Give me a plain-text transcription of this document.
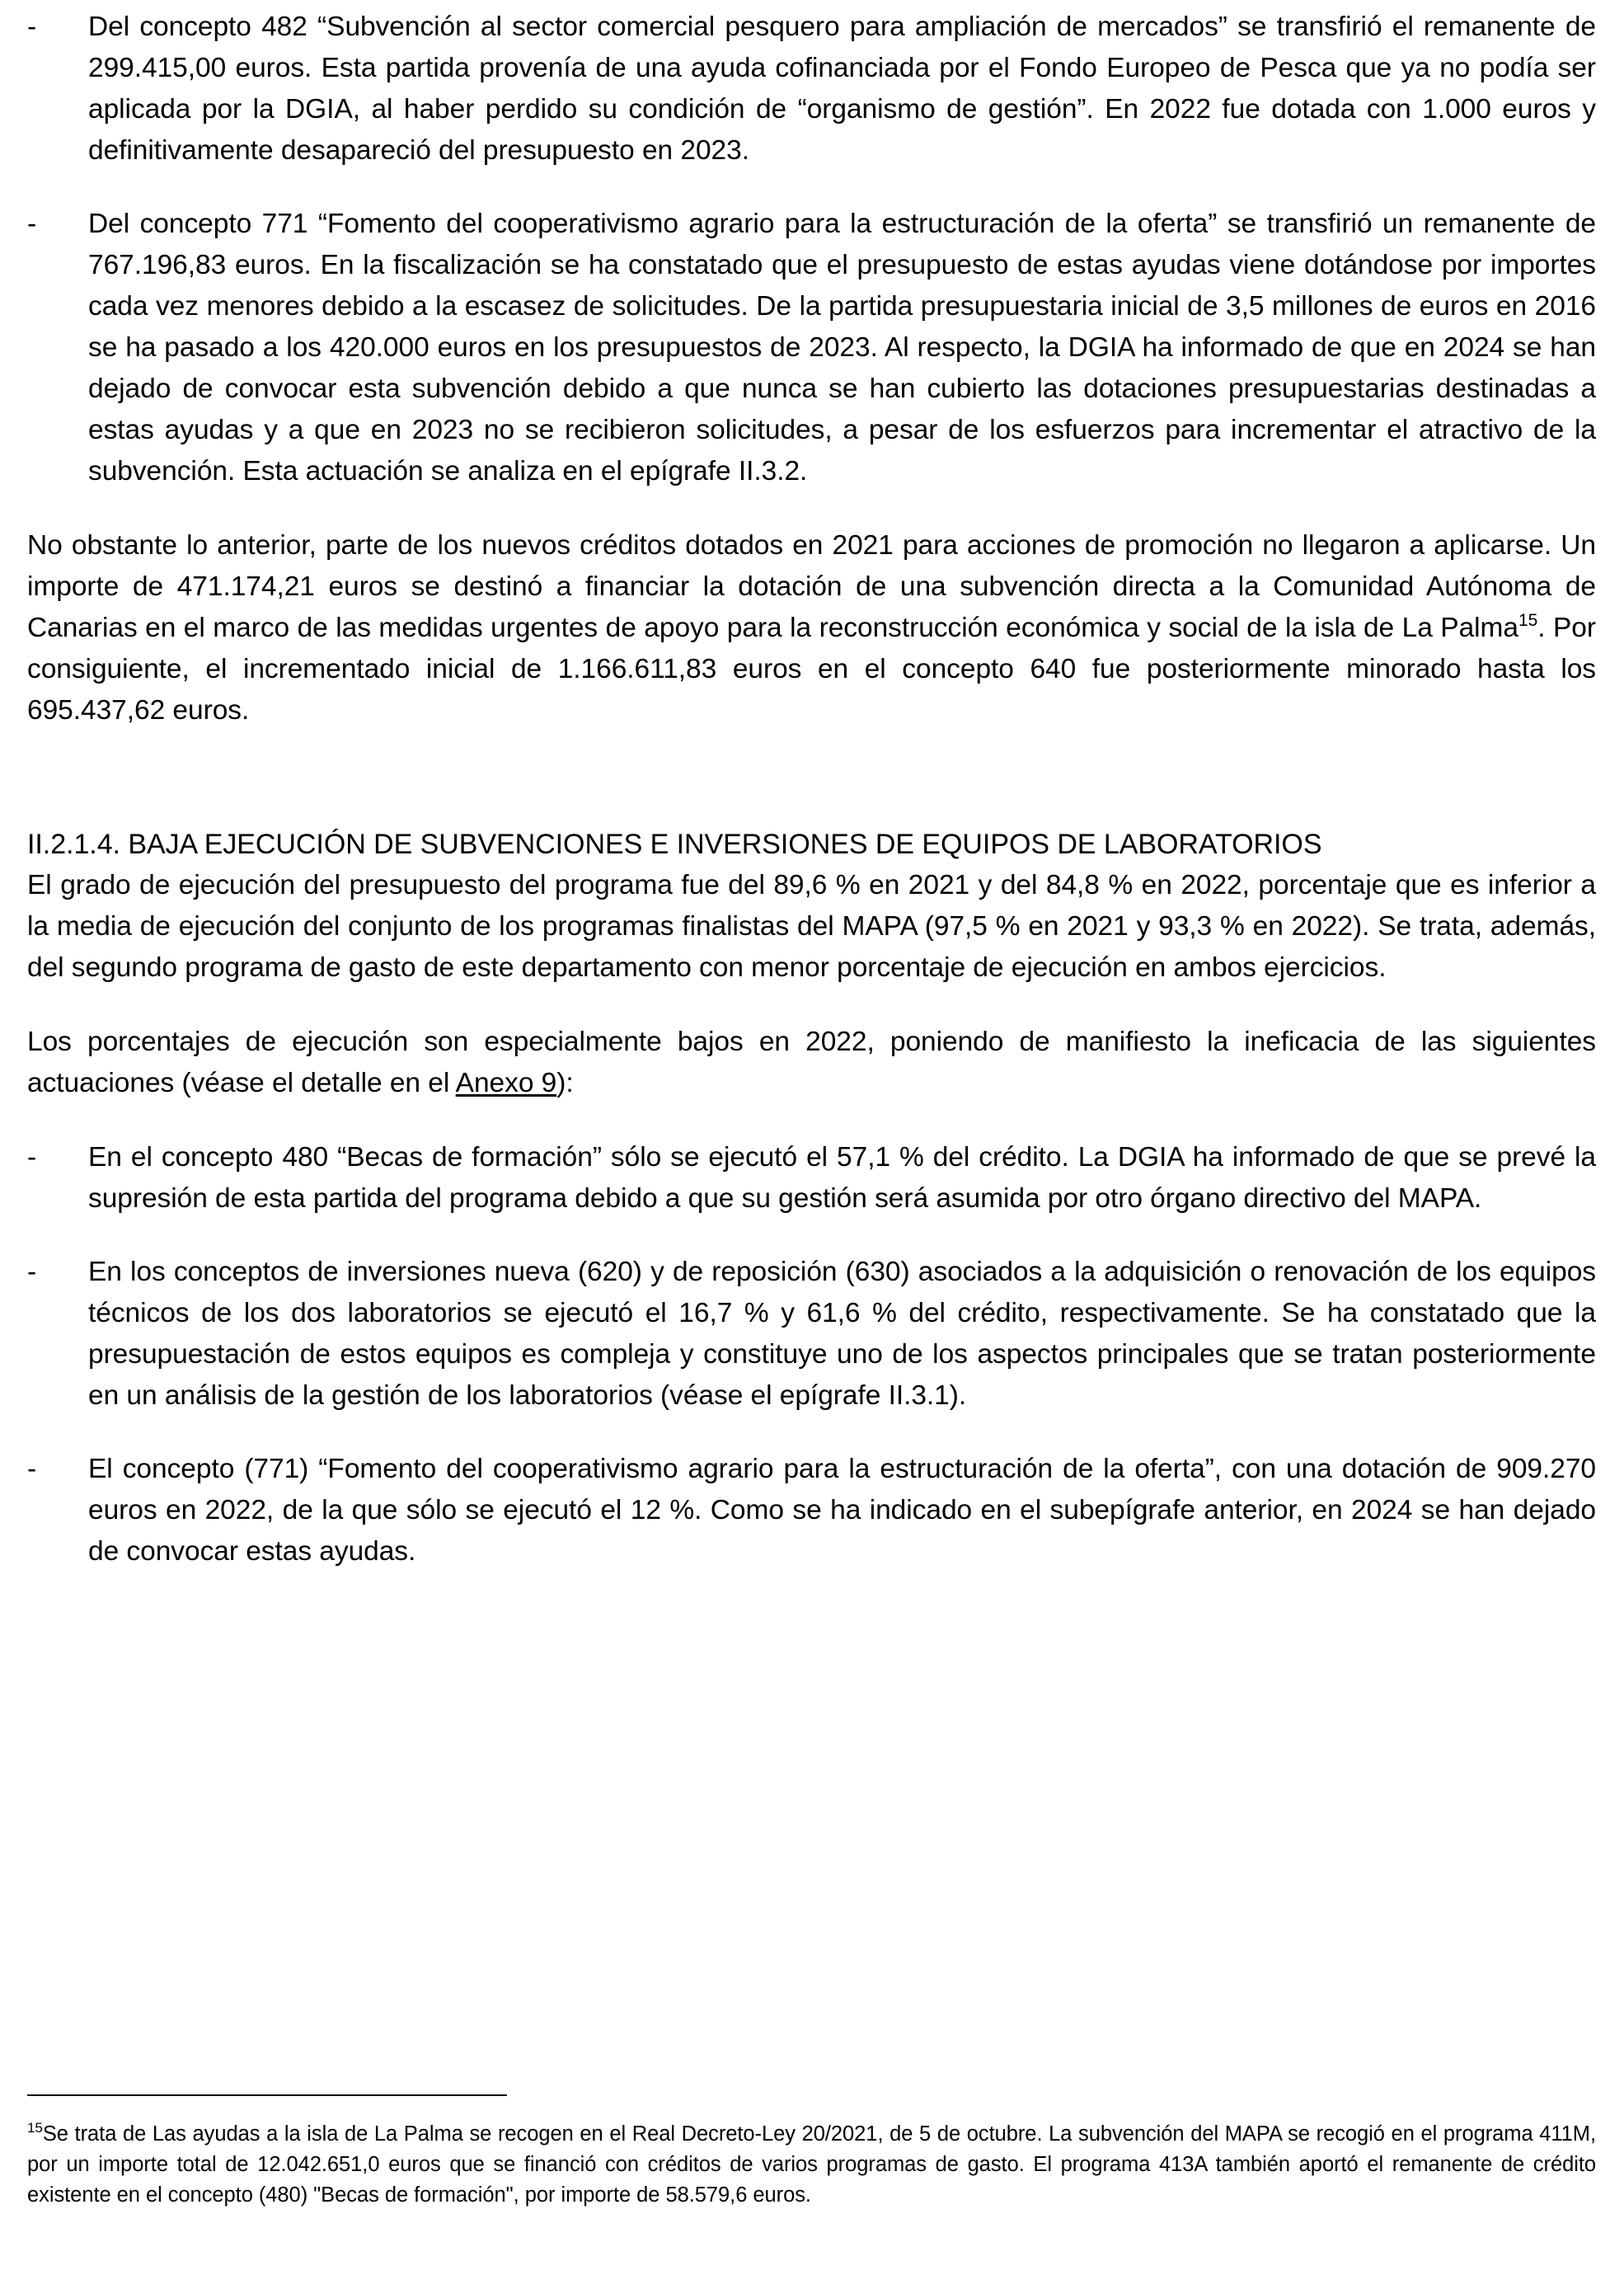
-	Del concepto 482 “Subvención al sector comercial pesquero para ampliación de mercados” se transfirió el remanente de 299.415,00 euros. Esta partida provenía de una ayuda cofinanciada por el Fondo Europeo de Pesca que ya no podía ser aplicada por la DGIA, al haber perdido su condición de “organismo de gestión”. En 2022 fue dotada con 1.000 euros y definitivamente desapareció del presupuesto en 2023.
-	Del concepto 771 “Fomento del cooperativismo agrario para la estructuración de la oferta” se transfirió un remanente de 767.196,83 euros. En la fiscalización se ha constatado que el presupuesto de estas ayudas viene dotándose por importes cada vez menores debido a la escasez de solicitudes. De la partida presupuestaria inicial de 3,5 millones de euros en 2016 se ha pasado a los 420.000 euros en los presupuestos de 2023. Al respecto, la DGIA ha informado de que en 2024 se han dejado de convocar esta subvención debido a que nunca se han cubierto las dotaciones presupuestarias destinadas a estas ayudas y a que en 2023 no se recibieron solicitudes, a pesar de los esfuerzos para incrementar el atractivo de la subvención. Esta actuación se analiza en el epígrafe II.3.2.

No obstante lo anterior, parte de los nuevos créditos dotados en 2021 para acciones de promoción no llegaron a aplicarse. Un importe de 471.174,21 euros se destinó a financiar la dotación de una subvención directa a la Comunidad Autónoma de Canarias en el marco de las medidas urgentes de apoyo para la reconstrucción económica y social de la isla de La Palma$^{15}$. Por consiguiente, el incrementado inicial de 1.166.611,83 euros en el concepto 640 fue posteriormente minorado hasta los 695.437,62 euros.

II.2.1.4. BAJA EJECUCIÓN DE SUBVENCIONES E INVERSIONES DE EQUIPOS DE LABORATORIOS

El grado de ejecución del presupuesto del programa fue del 89,6 % en 2021 y del 84,8 % en 2022, porcentaje que es inferior a la media de ejecución del conjunto de los programas finalistas del MAPA (97,5 % en 2021 y 93,3 % en 2022). Se trata, además, del segundo programa de gasto de este departamento con menor porcentaje de ejecución en ambos ejercicios.

Los porcentajes de ejecución son especialmente bajos en 2022, poniendo de manifiesto la ineficacia de las siguientes actuaciones (véase el detalle en el Anexo 9):

-	En el concepto 480 “Becas de formación” sólo se ejecutó el 57,1 % del crédito. La DGIA ha informado de que se prevé la supresión de esta partida del programa debido a que su gestión será asumida por otro órgano directivo del MAPA.
-	En los conceptos de inversiones nueva (620) y de reposición (630) asociados a la adquisición o renovación de los equipos técnicos de los dos laboratorios se ejecutó el 16,7 % y 61,6 % del crédito, respectivamente. Se ha constatado que la presupuestación de estos equipos es compleja y constituye uno de los aspectos principales que se tratan posteriormente en un análisis de la gestión de los laboratorios (véase el epígrafe II.3.1).
-	El concepto (771) “Fomento del cooperativismo agrario para la estructuración de la oferta”, con una dotación de 909.270 euros en 2022, de la que sólo se ejecutó el 12 %. Como se ha indicado en el subepígrafe anterior, en 2024 se han dejado de convocar estas ayudas.

$^{15}$Se trata de Las ayudas a la isla de La Palma se recogen en el Real Decreto-Ley 20/2021, de 5 de octubre. La subvención del MAPA se recogió en el programa 411M, por un importe total de 12.042.651,0 euros que se financió con créditos de varios programas de gasto. El programa 413A también aportó el remanente de crédito existente en el concepto (480) "Becas de formación", por importe de 58.579,6 euros.
